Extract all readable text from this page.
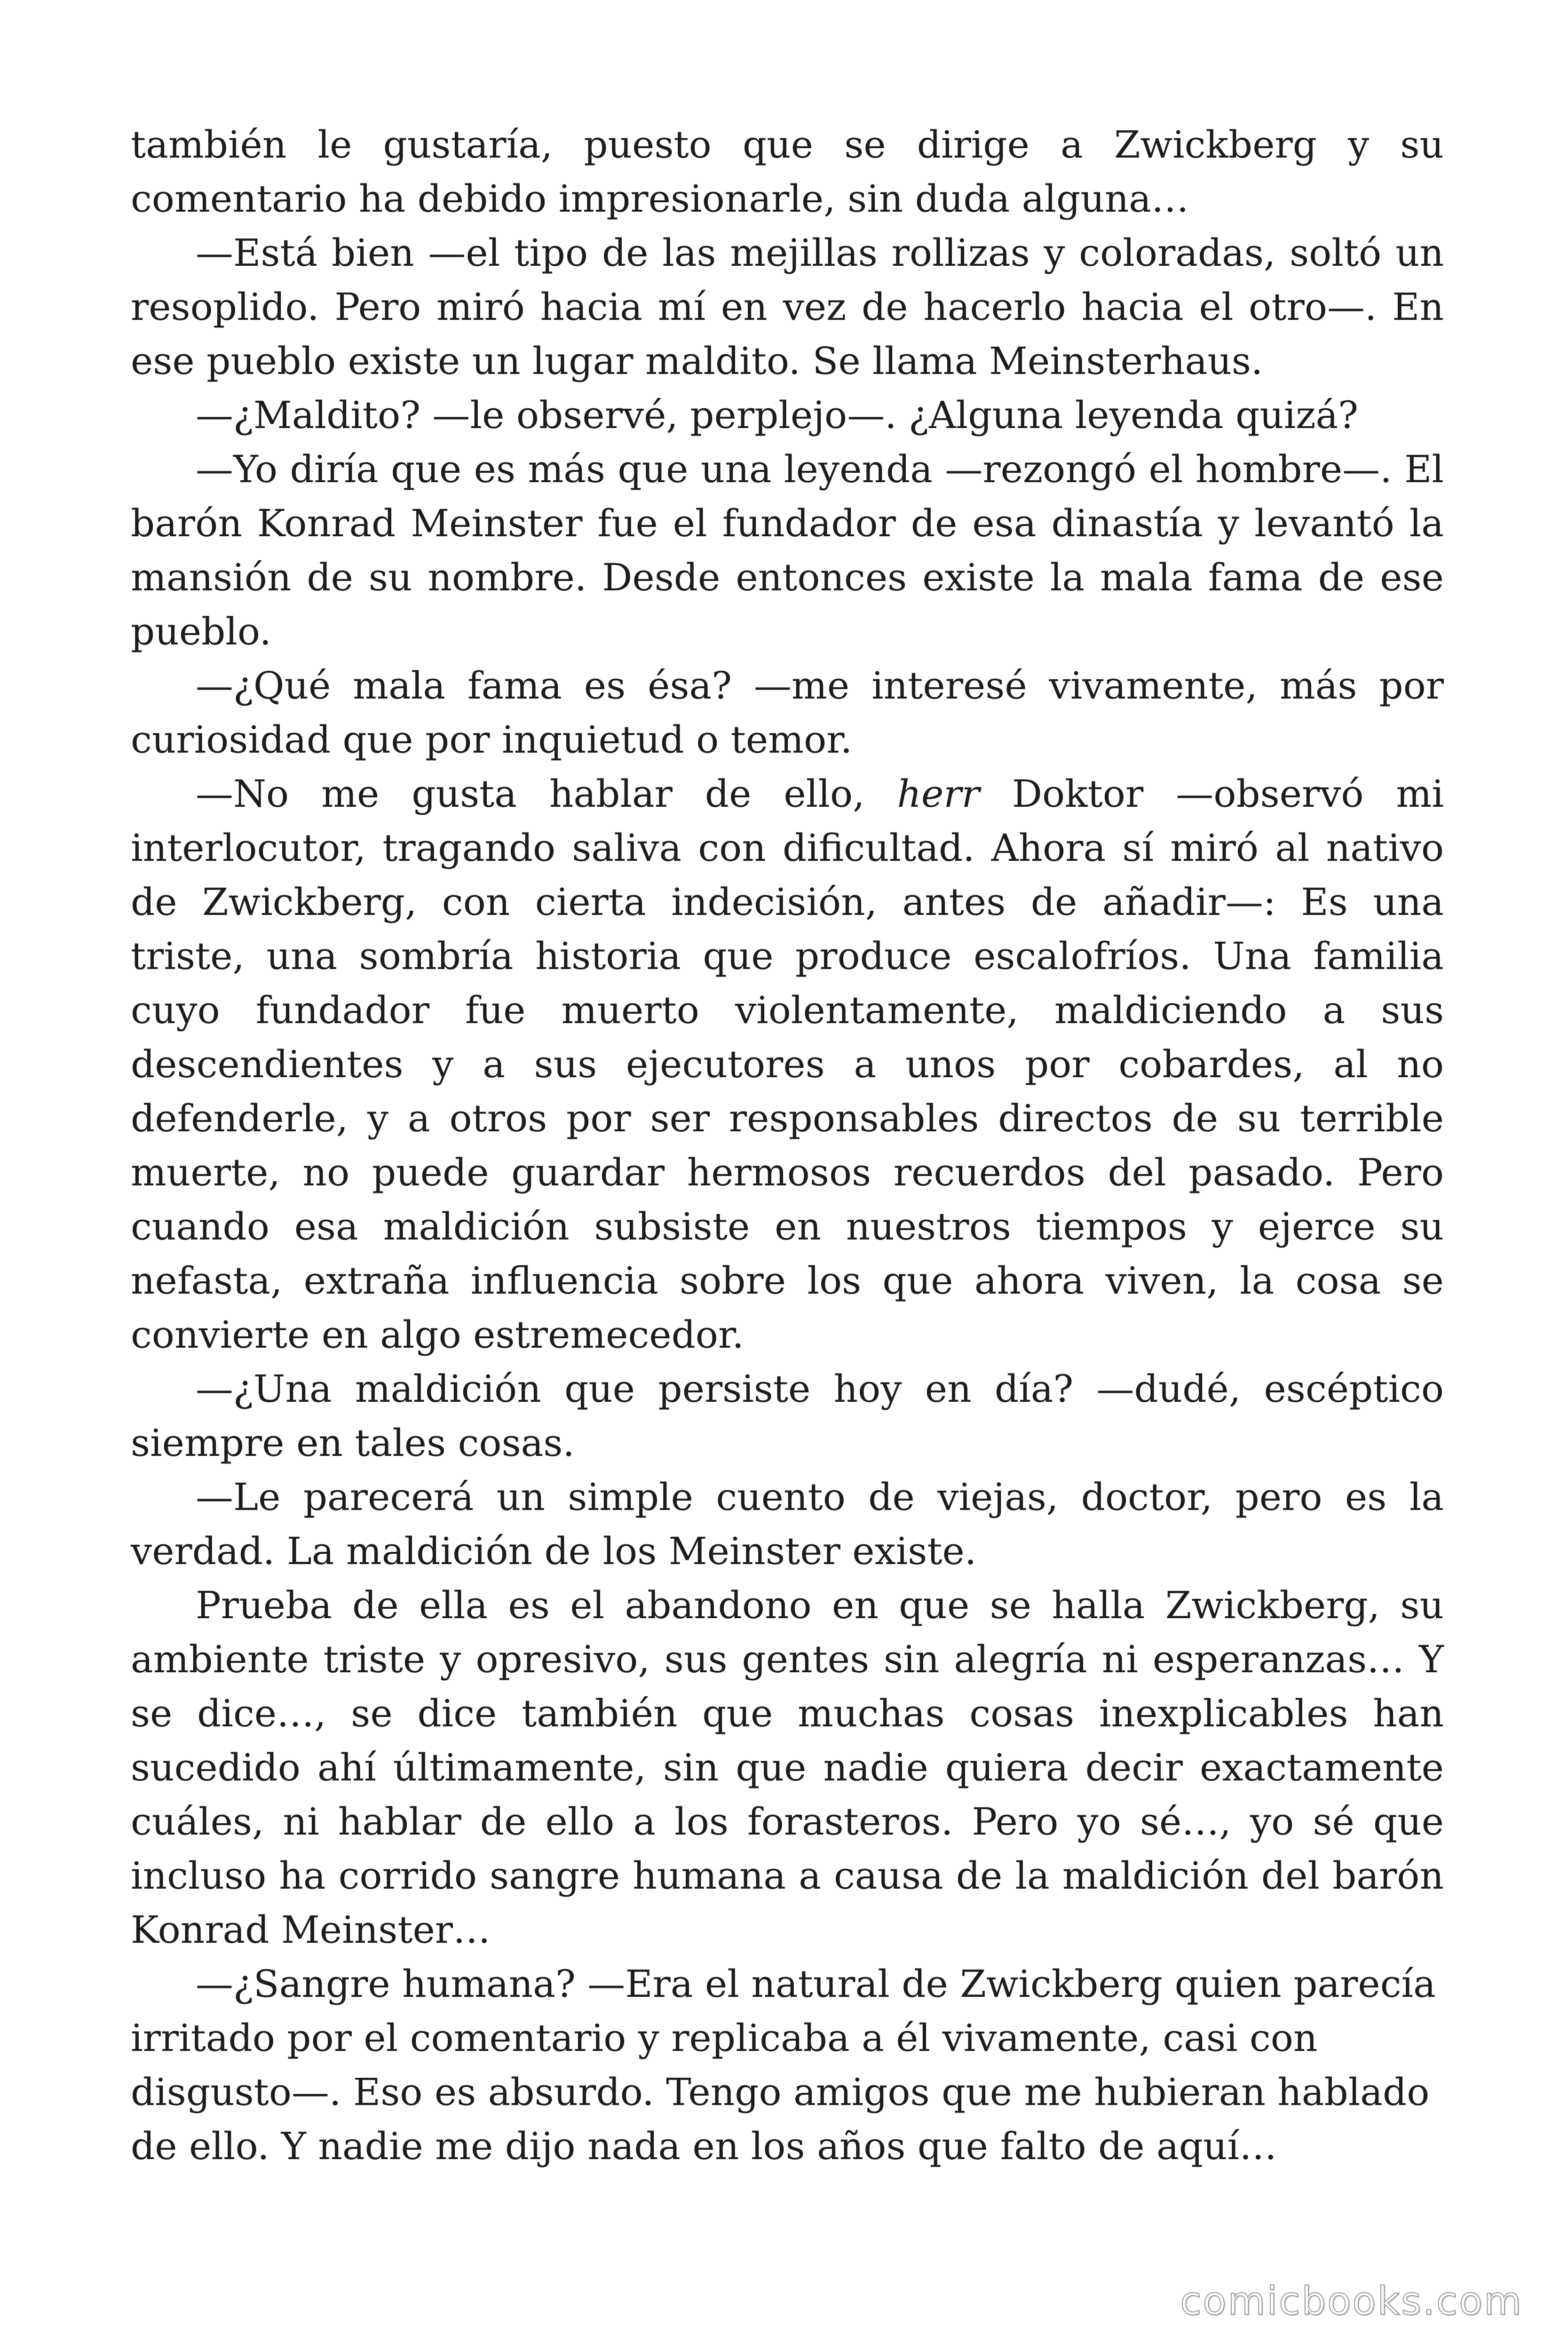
también le gustaría, puesto que se dirige a Zwickberg y su comentario ha debido impresionarle, sin duda alguna…

—Está bien —el tipo de las mejillas rollizas y coloradas, soltó un resoplido. Pero miró hacia mí en vez de hacerlo hacia el otro—. En ese pueblo existe un lugar maldito. Se llama Meinsterhaus.

—¿Maldito? —le observé, perplejo—. ¿Alguna leyenda quizá?

—Yo diría que es más que una leyenda —rezongó el hombre—. El barón Konrad Meinster fue el fundador de esa dinastía y levantó la mansión de su nombre. Desde entonces existe la mala fama de ese pueblo.

—¿Qué mala fama es ésa? —me interesé vivamente, más por curiosidad que por inquietud o temor.

—No me gusta hablar de ello, herr Doktor —observó mi interlocutor, tragando saliva con dificultad. Ahora sí miró al nativo de Zwickberg, con cierta indecisión, antes de añadir—: Es una triste, una sombría historia que produce escalofríos. Una familia cuyo fundador fue muerto violentamente, maldiciendo a sus descendientes y a sus ejecutores a unos por cobardes, al no defenderle, y a otros por ser responsables directos de su terrible muerte, no puede guardar hermosos recuerdos del pasado. Pero cuando esa maldición subsiste en nuestros tiempos y ejerce su nefasta, extraña influencia sobre los que ahora viven, la cosa se convierte en algo estremecedor.

—¿Una maldición que persiste hoy en día? —dudé, escéptico siempre en tales cosas.

—Le parecerá un simple cuento de viejas, doctor, pero es la verdad. La maldición de los Meinster existe.

Prueba de ella es el abandono en que se halla Zwickberg, su ambiente triste y opresivo, sus gentes sin alegría ni esperanzas… Y se dice…, se dice también que muchas cosas inexplicables han sucedido ahí últimamente, sin que nadie quiera decir exactamente cuáles, ni hablar de ello a los forasteros. Pero yo sé…, yo sé que incluso ha corrido sangre humana a causa de la maldición del barón Konrad Meinster…

—¿Sangre humana? —Era el natural de Zwickberg quien parecía irritado por el comentario y replicaba a él vivamente, casi con disgusto—. Eso es absurdo. Tengo amigos que me hubieran hablado de ello. Y nadie me dijo nada en los años que falto de aquí…

comicbooks.com
